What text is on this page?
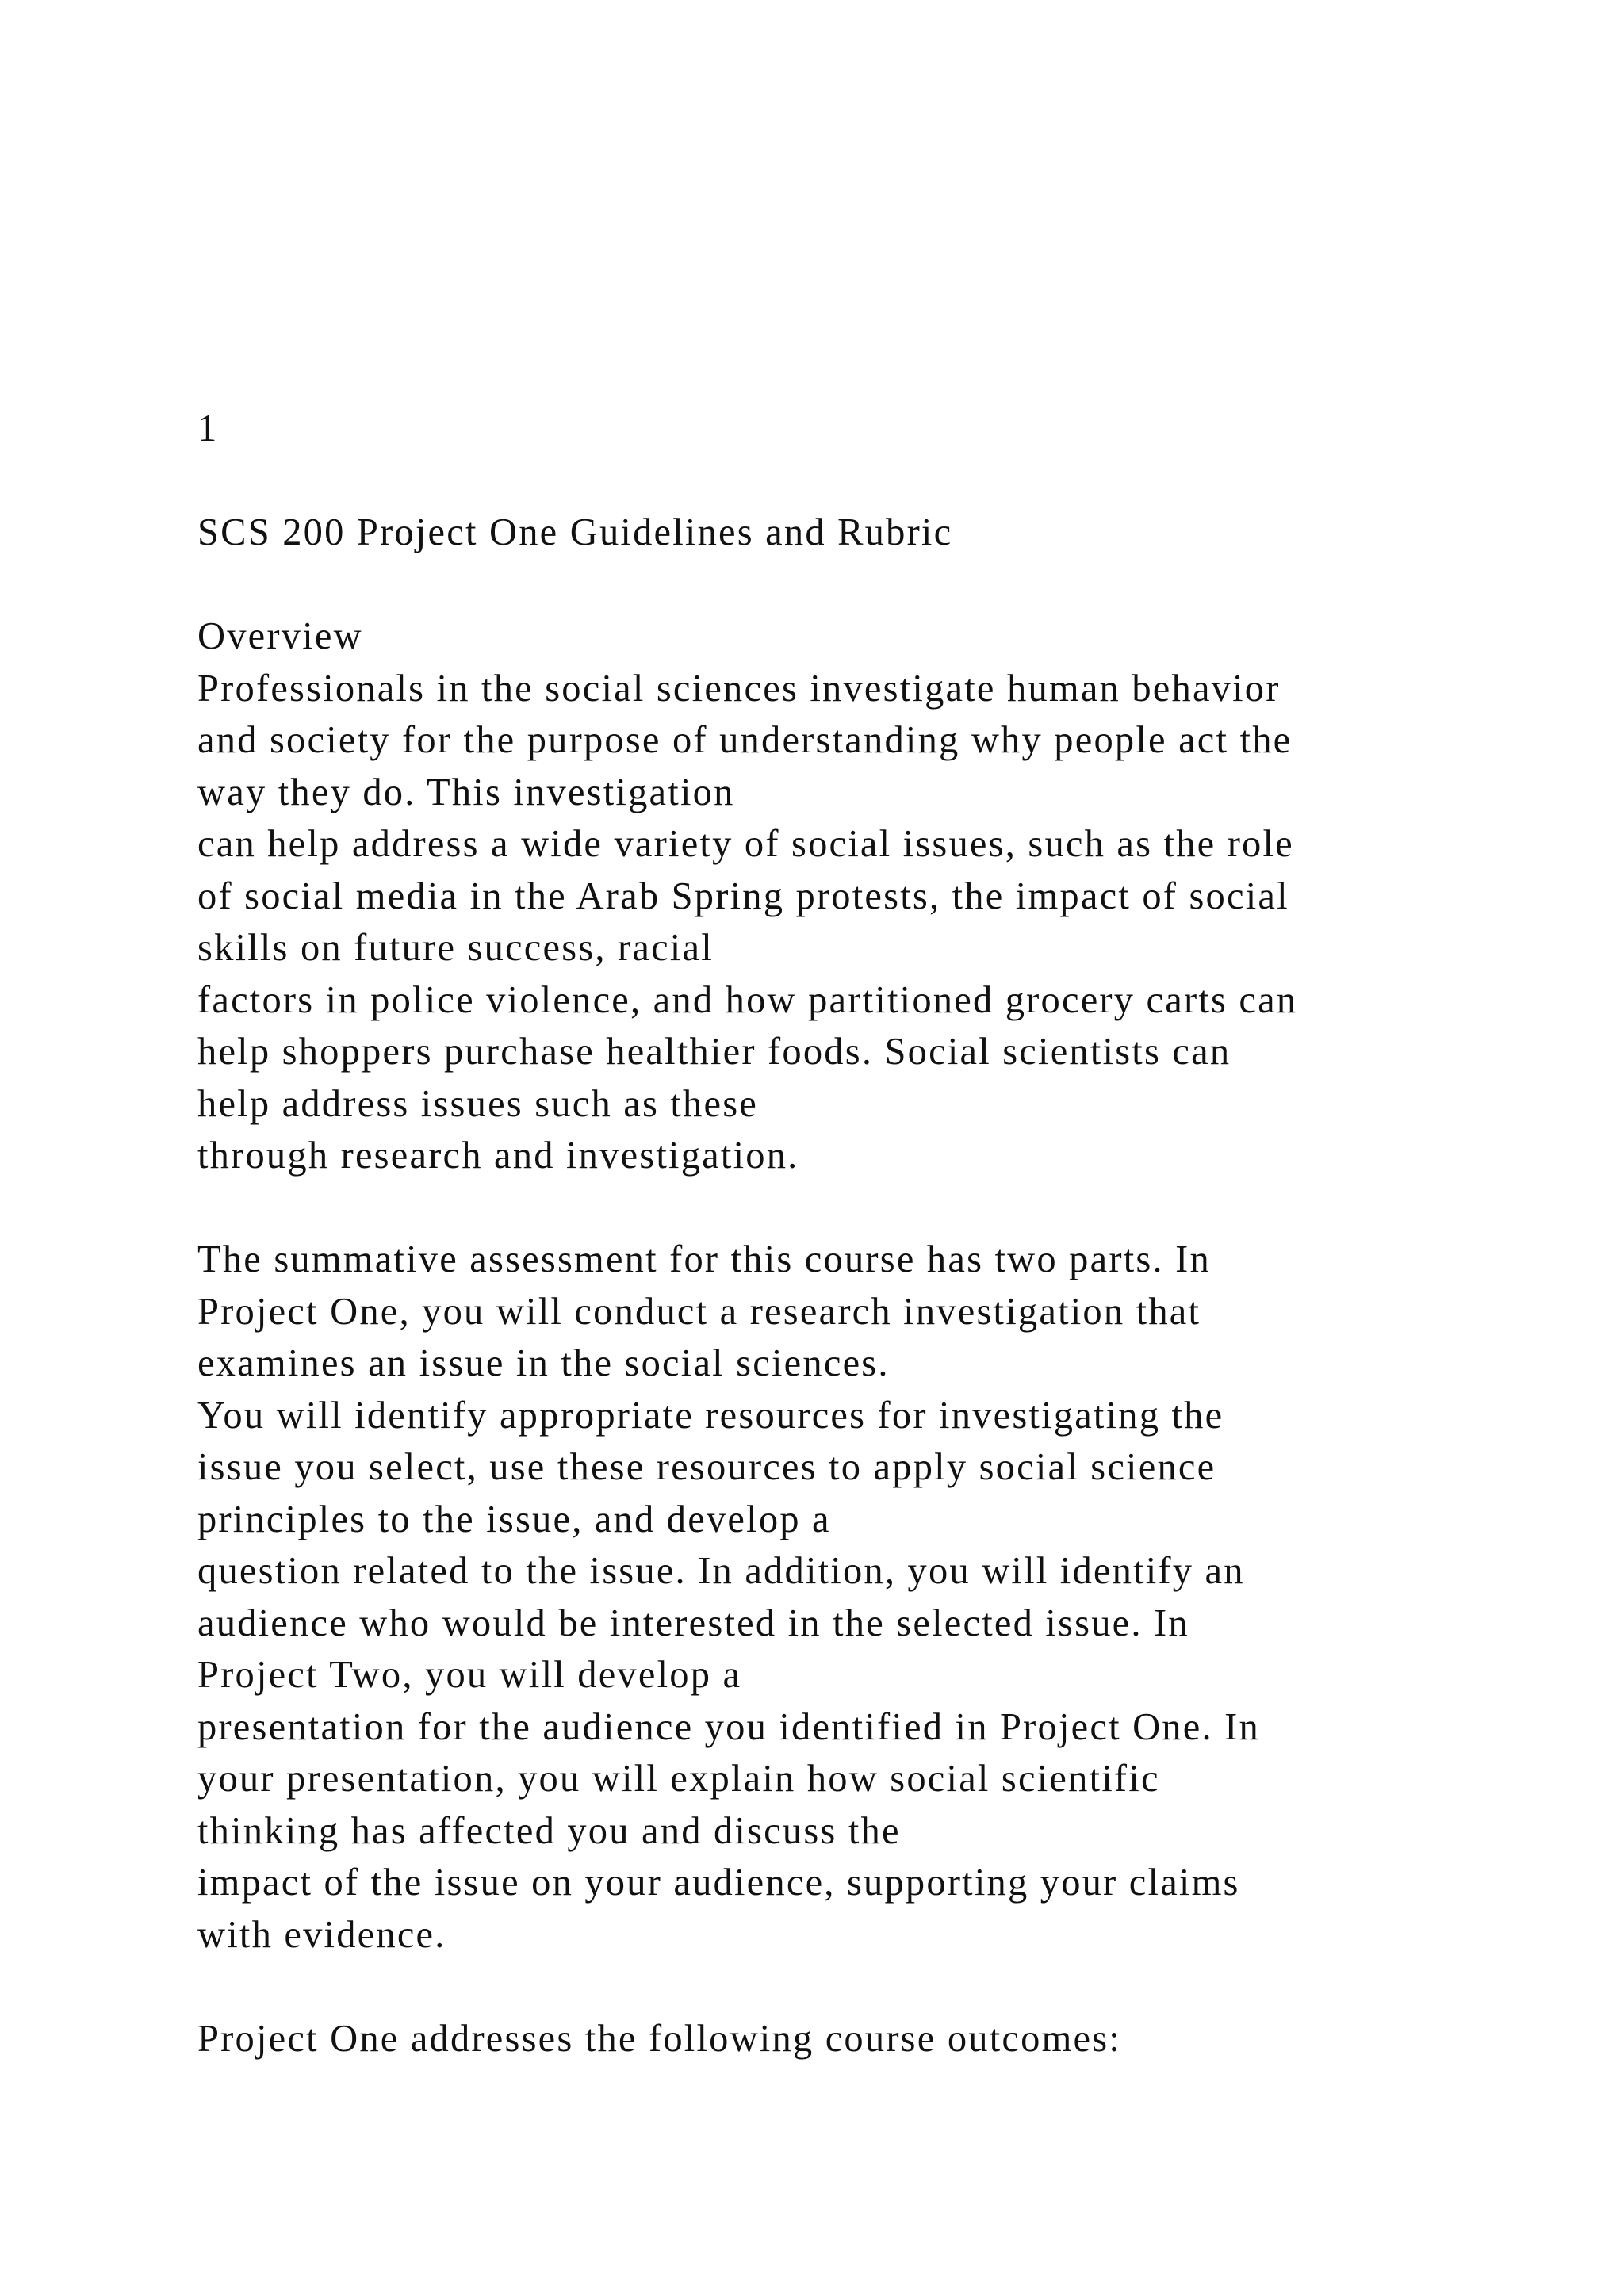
1
SCS 200 Project One Guidelines and Rubric
Overview
Professionals in the social sciences investigate human behavior
and society for the purpose of understanding why people act the
way they do. This investigation
can help address a wide variety of social issues, such as the role
of social media in the Arab Spring protests, the impact of social
skills on future success, racial
factors in police violence, and how partitioned grocery carts can
help shoppers purchase healthier foods. Social scientists can
help address issues such as these
through research and investigation.
The summative assessment for this course has two parts. In
Project One, you will conduct a research investigation that
examines an issue in the social sciences.
You will identify appropriate resources for investigating the
issue you select, use these resources to apply social science
principles to the issue, and develop a
question related to the issue. In addition, you will identify an
audience who would be interested in the selected issue. In
Project Two, you will develop a
presentation for the audience you identified in Project One. In
your presentation, you will explain how social scientific
thinking has affected you and discuss the
impact of the issue on your audience, supporting your claims
with evidence.
Project One addresses the following course outcomes:
